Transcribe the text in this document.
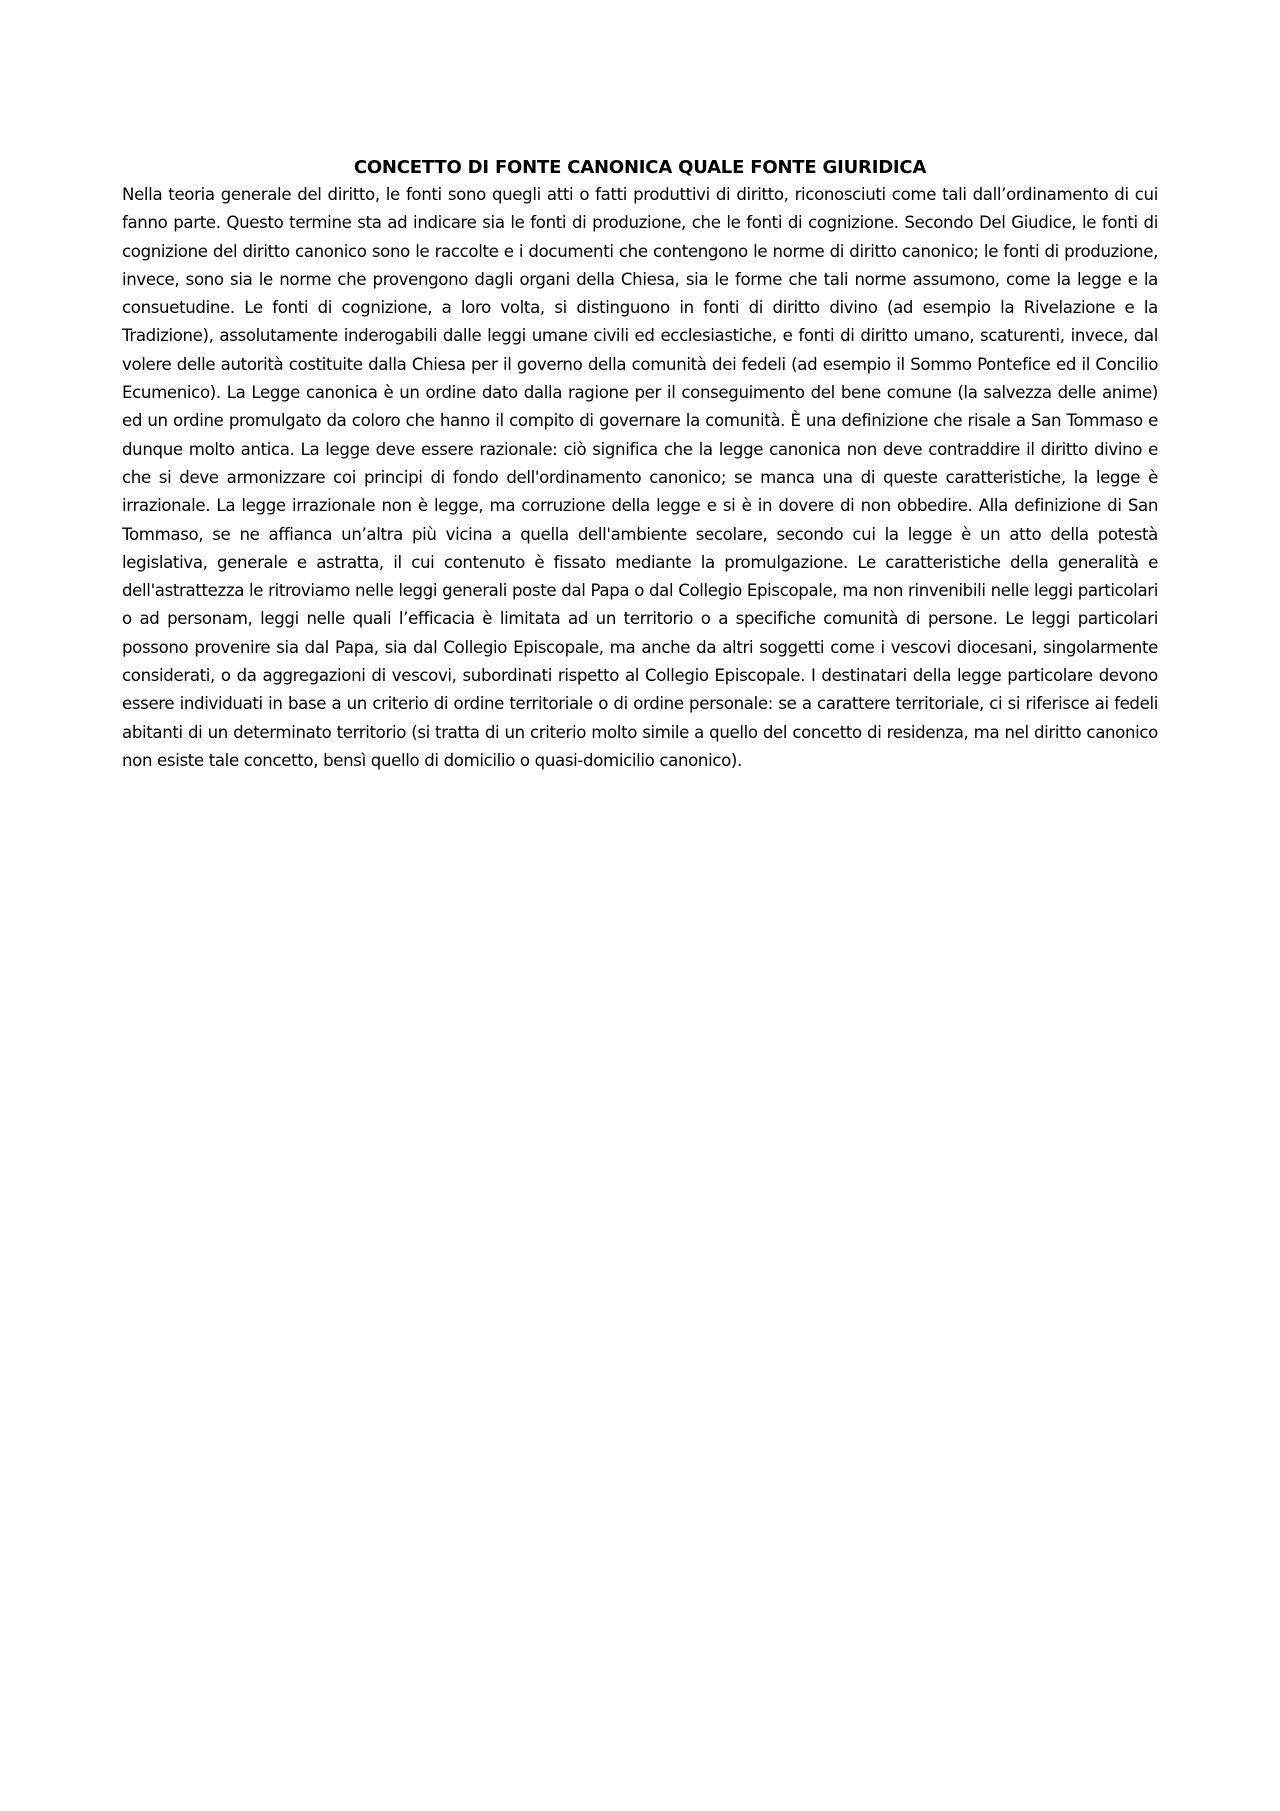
CONCETTO DI FONTE CANONICA QUALE FONTE GIURIDICA

Nella teoria generale del diritto, le fonti sono quegli atti o fatti produttivi di diritto, riconosciuti come tali dall’ordinamento di cui fanno parte. Questo termine sta ad indicare sia le fonti di produzione, che le fonti di cognizione. Secondo Del Giudice, le fonti di cognizione del diritto canonico sono le raccolte e i documenti che contengono le norme di diritto canonico; le fonti di produzione, invece, sono sia le norme che provengono dagli organi della Chiesa, sia le forme che tali norme assumono, come la legge e la consuetudine. Le fonti di cognizione, a loro volta, si distinguono in fonti di diritto divino (ad esempio la Rivelazione e la Tradizione), assolutamente inderogabili dalle leggi umane civili ed ecclesiastiche, e fonti di diritto umano, scaturenti, invece, dal volere delle autorità costituite dalla Chiesa per il governo della comunità dei fedeli (ad esempio il Sommo Pontefice ed il Concilio Ecumenico). La Legge canonica è un ordine dato dalla ragione per il conseguimento del bene comune (la salvezza delle anime) ed un ordine promulgato da coloro che hanno il compito di governare la comunità. È una definizione che risale a San Tommaso e dunque molto antica. La legge deve essere razionale: ciò significa che la legge canonica non deve contraddire il diritto divino e che si deve armonizzare coi principi di fondo dell'ordinamento canonico; se manca una di queste caratteristiche, la legge è irrazionale. La legge irrazionale non è legge, ma corruzione della legge e si è in dovere di non obbedire. Alla definizione di San Tommaso, se ne affianca un’altra più vicina a quella dell'ambiente secolare, secondo cui la legge è un atto della potestà legislativa, generale e astratta, il cui contenuto è fissato mediante la promulgazione. Le caratteristiche della generalità e dell'astrattezza le ritroviamo nelle leggi generali poste dal Papa o dal Collegio Episcopale, ma non rinvenibili nelle leggi particolari o ad personam, leggi nelle quali l’efficacia è limitata ad un territorio o a specifiche comunità di persone. Le leggi particolari possono provenire sia dal Papa, sia dal Collegio Episcopale, ma anche da altri soggetti come i vescovi diocesani, singolarmente considerati, o da aggregazioni di vescovi, subordinati rispetto al Collegio Episcopale. I destinatari della legge particolare devono essere individuati in base a un criterio di ordine territoriale o di ordine personale: se a carattere territoriale, ci si riferisce ai fedeli abitanti di un determinato territorio (si tratta di un criterio molto simile a quello del concetto di residenza, ma nel diritto canonico non esiste tale concetto, bensì quello di domicilio o quasi-domicilio canonico).
